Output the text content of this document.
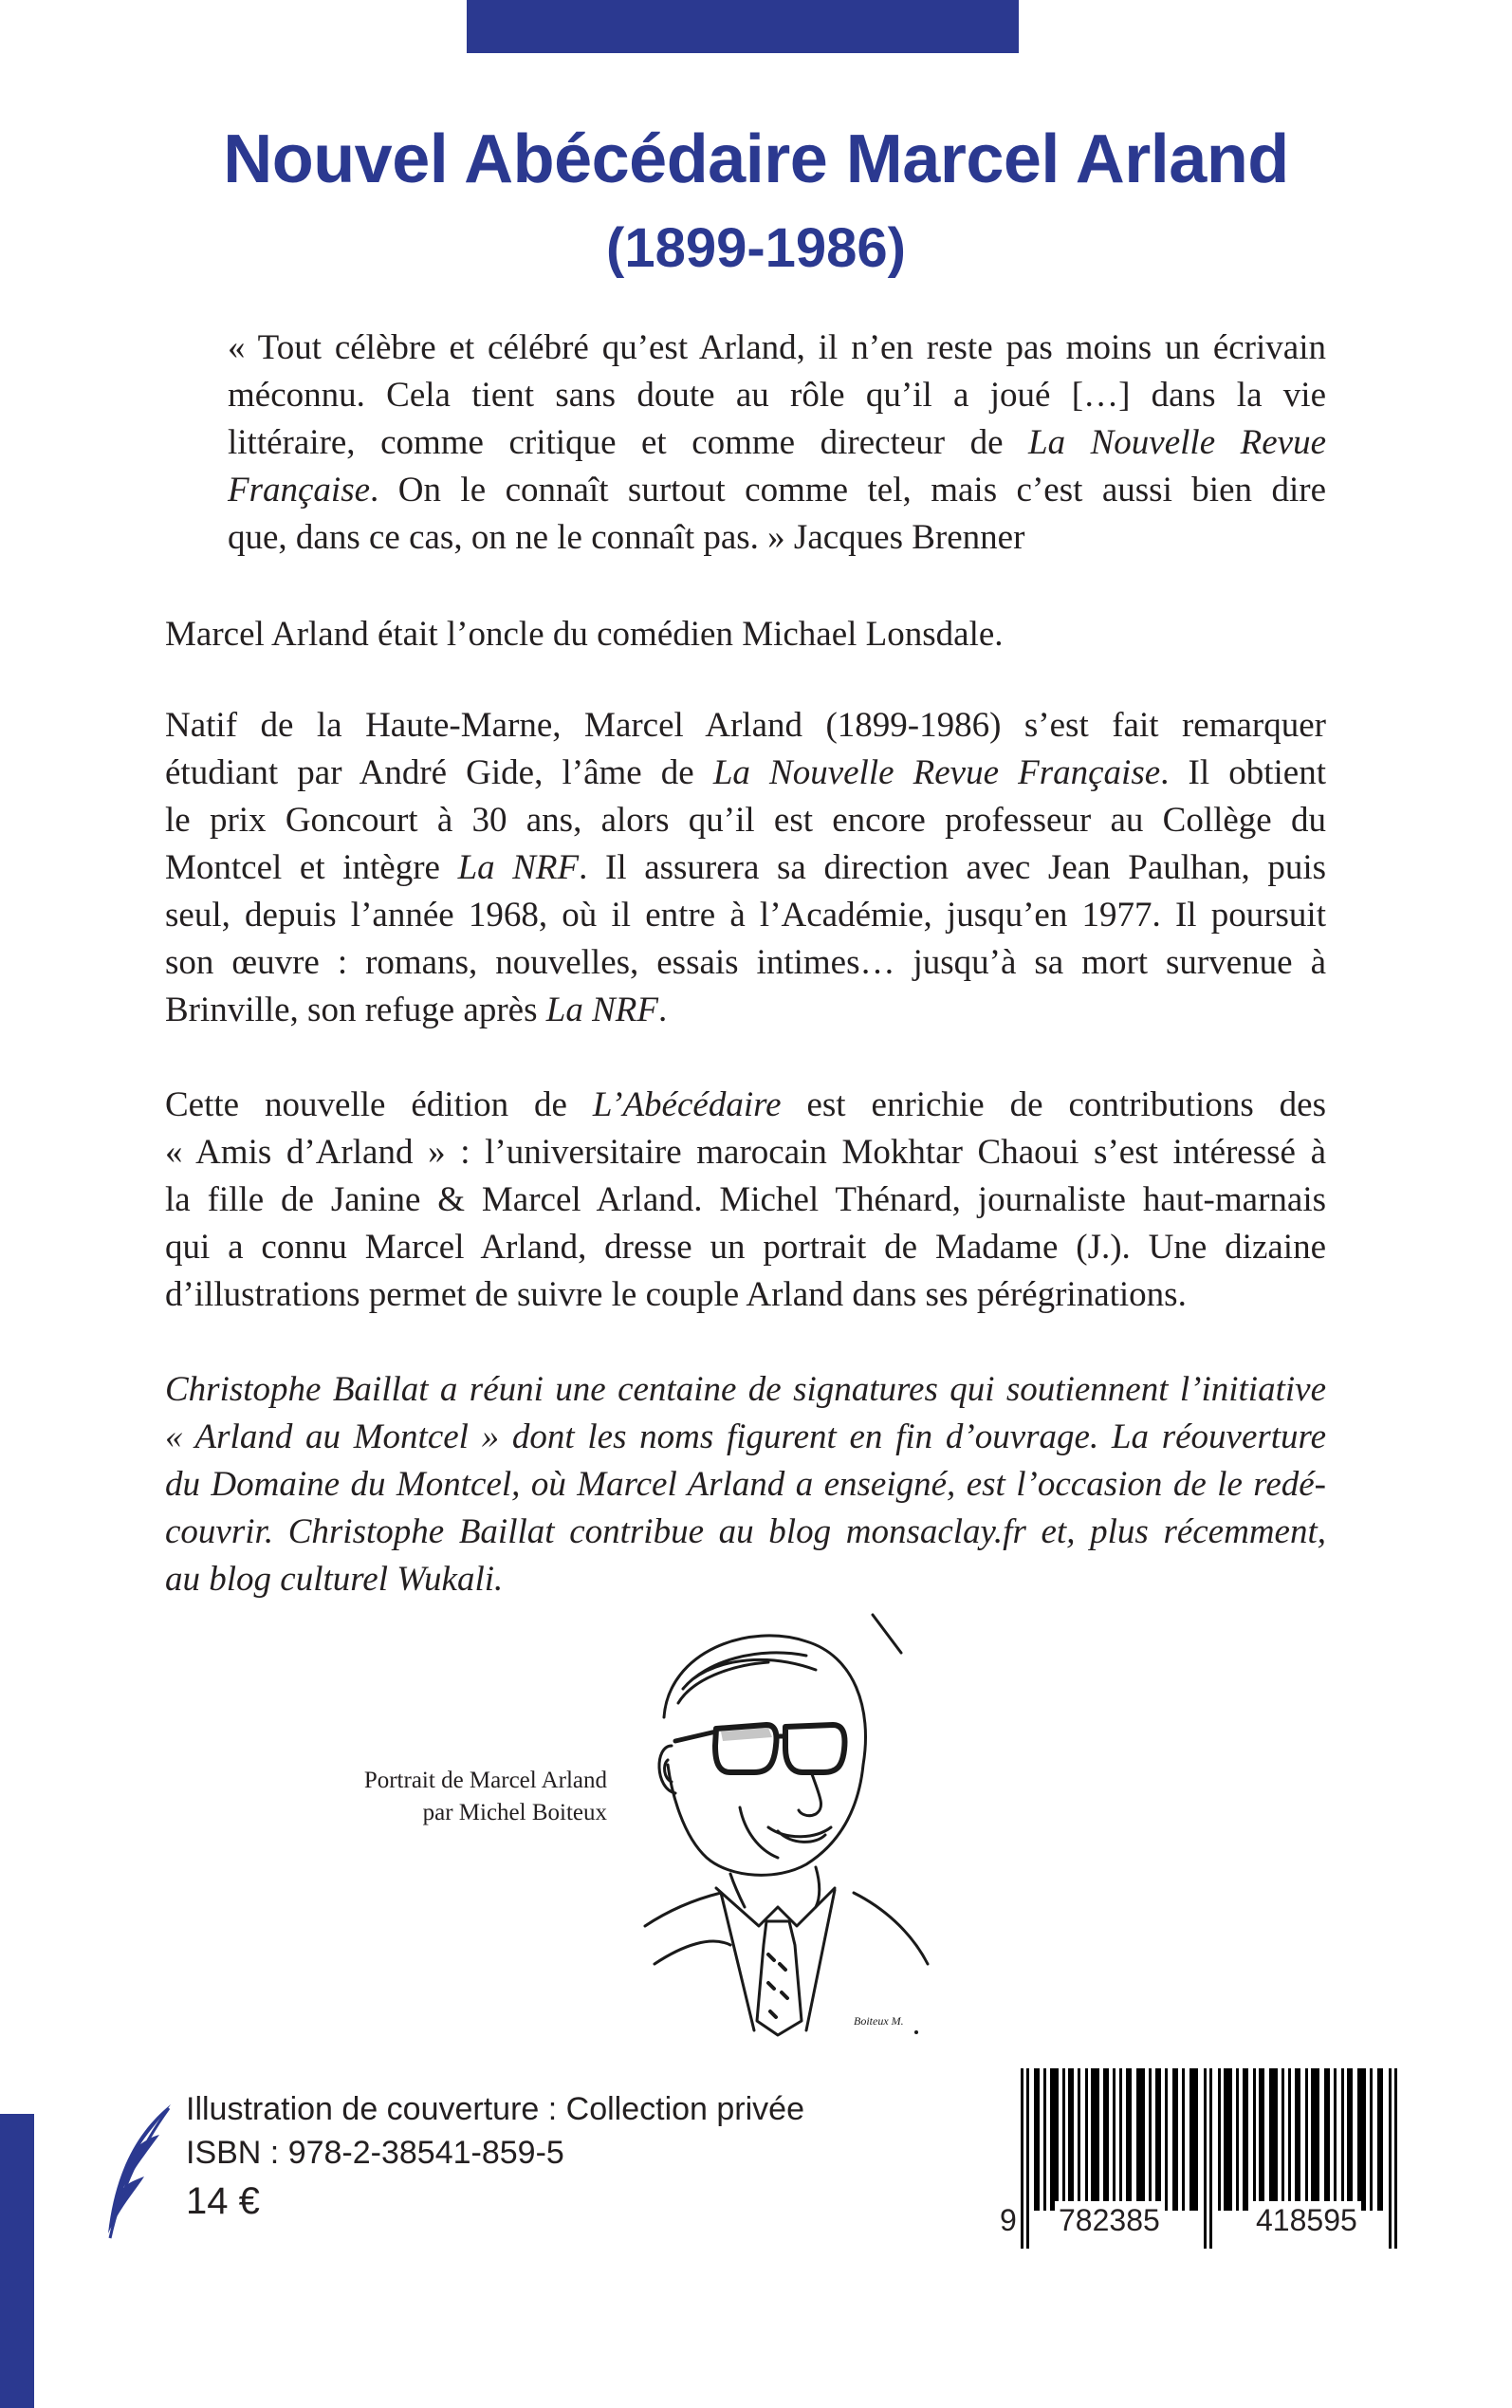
Nouvel Abécédaire Marcel Arland
(1899-1986)

« Tout célèbre et célébré qu’est Arland, il n’en reste pas moins un écrivain
méconnu. Cela tient sans doute au rôle qu’il a joué […] dans la vie
littéraire, comme critique et comme directeur de La Nouvelle Revue
Française. On le connaît surtout comme tel, mais c’est aussi bien dire
que, dans ce cas, on ne le connaît pas. » Jacques Brenner

Marcel Arland était l’oncle du comédien Michael Lonsdale.

Natif de la Haute-Marne, Marcel Arland (1899-1986) s’est fait remarquer
étudiant par André Gide, l’âme de La Nouvelle Revue Française. Il obtient
le prix Goncourt à 30 ans, alors qu’il est encore professeur au Collège du
Montcel et intègre La NRF. Il assurera sa direction avec Jean Paulhan, puis
seul, depuis l’année 1968, où il entre à l’Académie, jusqu’en 1977. Il poursuit
son œuvre : romans, nouvelles, essais intimes… jusqu’à sa mort survenue à
Brinville, son refuge après La NRF.

Cette nouvelle édition de L’Abécédaire est enrichie de contributions des
« Amis d’Arland » : l’universitaire marocain Mokhtar Chaoui s’est intéressé à
la fille de Janine & Marcel Arland. Michel Thénard, journaliste haut-marnais
qui a connu Marcel Arland, dresse un portrait de Madame (J.). Une dizaine
d’illustrations permet de suivre le couple Arland dans ses pérégrinations.

Christophe Baillat a réuni une centaine de signatures qui soutiennent l’initiative
« Arland au Montcel » dont les noms figurent en fin d’ouvrage. La réouverture
du Domaine du Montcel, où Marcel Arland a enseigné, est l’occasion de le redé-
couvrir. Christophe Baillat contribue au blog monsaclay.fr et, plus récemment,
au blog culturel Wukali.

Portrait de Marcel Arland
par Michel Boiteux
Boiteux M.
Illustration de couverture : Collection privée
ISBN : 978-2-38541-859-5
14 €	9 782385	418595
